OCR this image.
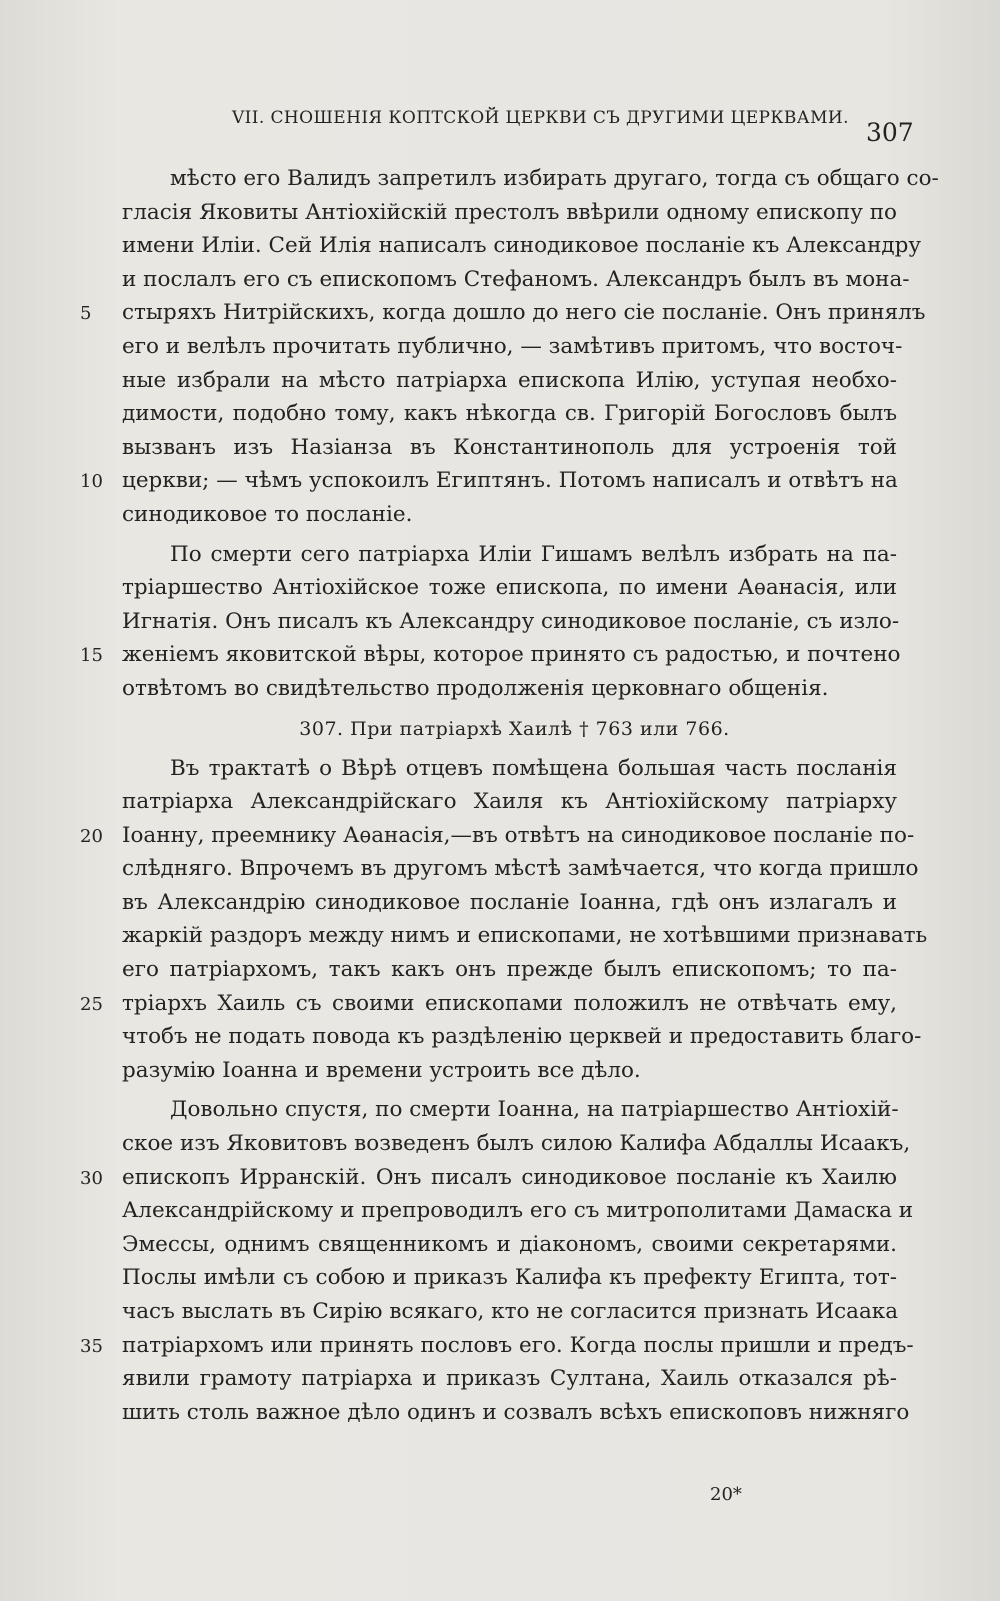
VII. СНОШЕНІЯ КОПТСКОЙ ЦЕРКВИ СЪ ДРУГИМИ ЦЕРКВАМИ. 307
мѣсто его Валидъ запретилъ избирать другаго, тогда съ общаго со-
гласія Яковиты Антіохійскій престолъ ввѣрили одному епископу по
имени Иліи. Сей Илія написалъ синодиковое посланіе къ Александру
и послалъ его съ епископомъ Стефаномъ. Александръ былъ въ мона-
5 стыряхъ Нитрійскихъ, когда дошло до него сіе посланіе. Онъ принялъ
его и велѣлъ прочитать публично, — замѣтивъ притомъ, что восточ-
ные избрали на мѣсто патріарха епископа Илію, уступая необхо-
димости, подобно тому, какъ нѣкогда св. Григорій Богословъ былъ
вызванъ изъ Назіанза въ Константинополь для устроенія той
10 церкви; — чѣмъ успокоилъ Египтянъ. Потомъ написалъ и отвѣтъ на
синодиковое то посланіе.
По смерти сего патріарха Иліи Гишамъ велѣлъ избрать на па-
тріаршество Антіохійское тоже епископа, по имени Аѳанасія, или
Игнатія. Онъ писалъ къ Александру синодиковое посланіе, съ изло-
15 женіемъ яковитской вѣры, которое принято съ радостью, и почтено
отвѣтомъ во свидѣтельство продолженія церковнаго общенія.
307. При патріархѣ Хаилѣ † 763 или 766.
Въ трактатѣ о Вѣрѣ отцевъ помѣщена большая часть посланія
патріарха Александрійскаго Хаиля къ Антіохійскому патріарху
20 Іоанну, преемнику Аѳанасія,—въ отвѣтъ на синодиковое посланіе по-
слѣдняго. Впрочемъ въ другомъ мѣстѣ замѣчается, что когда пришло
въ Александрію синодиковое посланіе Іоанна, гдѣ онъ излагалъ и
жаркій раздоръ между нимъ и епископами, не хотѣвшими признавать
его патріархомъ, такъ какъ онъ прежде былъ епископомъ; то па-
25 тріархъ Хаиль съ своими епископами положилъ не отвѣчать ему,
чтобъ не подать повода къ раздѣленію церквей и предоставить благо-
разумію Іоанна и времени устроить все дѣло.
Довольно спустя, по смерти Іоанна, на патріаршество Антіохій-
ское изъ Яковитовъ возведенъ былъ силою Калифа Абдаллы Исаакъ,
30 епископъ Ирранскій. Онъ писалъ синодиковое посланіе къ Хаилю
Александрійскому и препроводилъ его съ митрополитами Дамаска и
Эмессы, однимъ священникомъ и діакономъ, своими секретарями.
Послы имѣли съ собою и приказъ Калифа къ префекту Египта, тот-
часъ выслать въ Сирію всякаго, кто не согласится признать Исаака
35 патріархомъ или принять пословъ его. Когда послы пришли и предъ-
явили грамоту патріарха и приказъ Султана, Хаиль отказался рѣ-
шить столь важное дѣло одинъ и созвалъ всѣхъ епископовъ нижняго
20*
